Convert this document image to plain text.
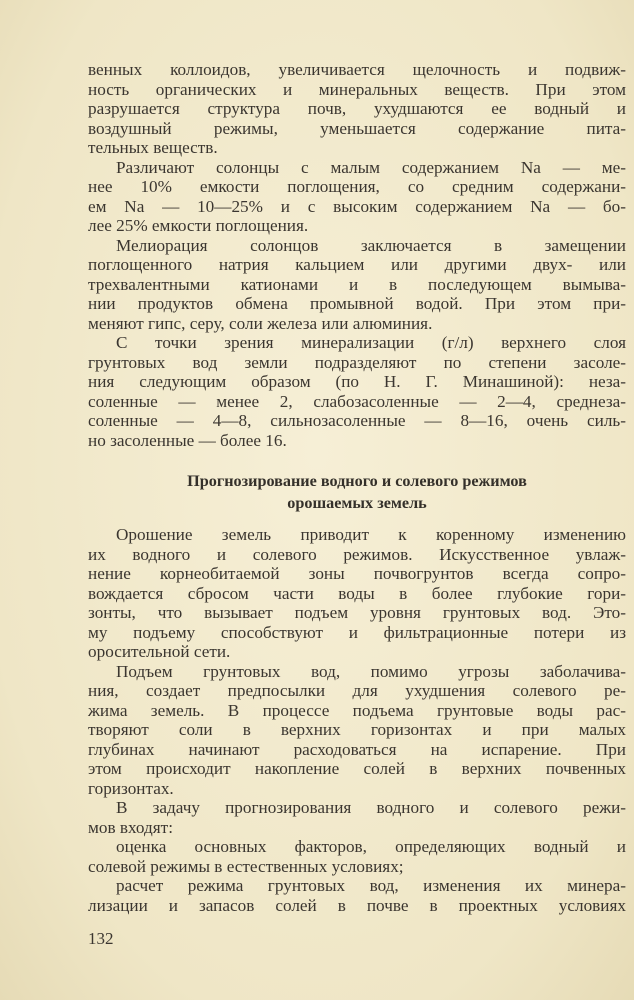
венных коллоидов, увеличивается щелочность и подвиж-
ность органических и минеральных веществ. При этом
разрушается структура почв, ухудшаются ее водный и
воздушный режимы, уменьшается содержание пита-
тельных веществ.
Различают солонцы с малым содержанием Na — ме-
нее 10% емкости поглощения, со средним содержани-
ем Na — 10—25% и с высоким содержанием Na — бо-
лее 25% емкости поглощения.
Мелиорация солонцов заключается в замещении
поглощенного натрия кальцием или другими двух- или
трехвалентными катионами и в последующем вымыва-
нии продуктов обмена промывной водой. При этом при-
меняют гипс, серу, соли железа или алюминия.
С точки зрения минерализации (г/л) верхнего слоя
грунтовых вод земли подразделяют по степени засоле-
ния следующим образом (по Н. Г. Минашиной): неза-
соленные — менее 2, слабозасоленные — 2—4, среднеза-
соленные — 4—8, сильнозасоленные — 8—16, очень силь-
но засоленные — более 16.
Прогнозирование водного и солевого режимов
орошаемых земель
Орошение земель приводит к коренному изменению
их водного и солевого режимов. Искусственное увлаж-
нение корнеобитаемой зоны почвогрунтов всегда сопро-
вождается сбросом части воды в более глубокие гори-
зонты, что вызывает подъем уровня грунтовых вод. Это-
му подъему способствуют и фильтрационные потери из
оросительной сети.
Подъем грунтовых вод, помимо угрозы заболачива-
ния, создает предпосылки для ухудшения солевого ре-
жима земель. В процессе подъема грунтовые воды рас-
творяют соли в верхних горизонтах и при малых
глубинах начинают расходоваться на испарение. При
этом происходит накопление солей в верхних почвенных
горизонтах.
В задачу прогнозирования водного и солевого режи-
мов входят:
оценка основных факторов, определяющих водный и
солевой режимы в естественных условиях;
расчет режима грунтовых вод, изменения их минера-
лизации и запасов солей в почве в проектных условиях
132
